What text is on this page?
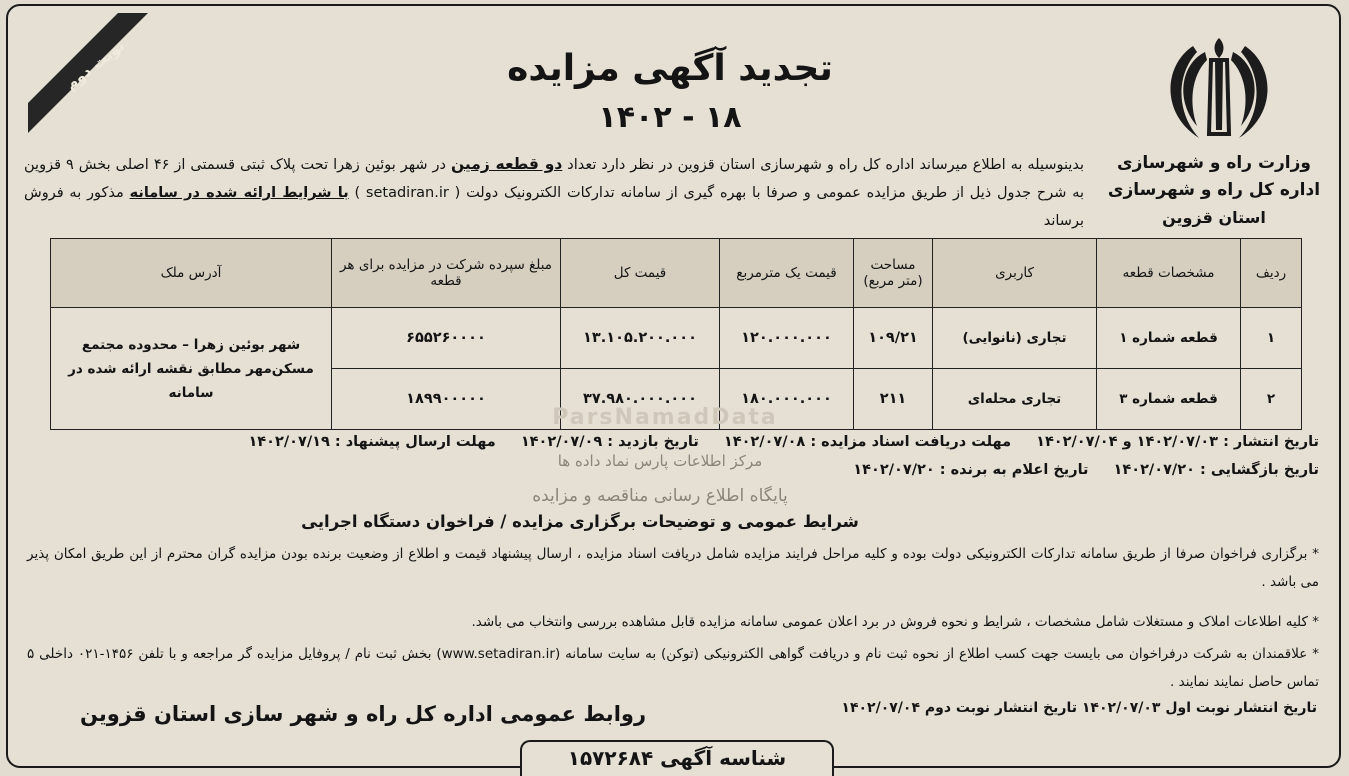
وزارت راه و شهرسازی
اداره کل راه و شهرسازی
استان قزوین
نوبت دوم	تجدید آگهی مزایده
۱۸ - ۱۴۰۲
بدینوسیله به اطلاع میرساند اداره کل راه و شهرسازی استان قزوین در نظر دارد تعداد دو قطعه زمین در شهر بوئین زهرا تحت پلاک ثبتی قسمتی از ۴۶ اصلی بخش ۹ قزوین به شرح جدول ذیل از طریق مزایده عمومی و صرفا با بهره گیری از سامانه تدارکات الکترونیک دولت ( setadiran.ir ) با شرایط ارائه شده در سامانه مذکور به فروش برساند
ردیف	مشخصات قطعه	کاربری	مساحت (متر مربع)	قیمت یک مترمربع	قیمت کل	مبلغ سپرده شرکت در مزایده برای هر قطعه	آدرس ملک
۱	قطعه شماره ۱	تجاری (نانوایی)	۱۰۹/۲۱	۱۲۰.۰۰۰.۰۰۰	۱۳.۱۰۵.۲۰۰.۰۰۰	۶۵۵۲۶۰۰۰۰	شهر بوئین زهرا – محدوده مجتمع مسکن‌مهر مطابق نقشه ارائه شده در سامانه
۲	قطعه شماره ۳	تجاری محله‌ای	۲۱۱	۱۸۰.۰۰۰.۰۰۰	۳۷.۹۸۰.۰۰۰.۰۰۰	۱۸۹۹۰۰۰۰۰	
ParsNamadData
تاریخ انتشار : ۱۴۰۲/۰۷/۰۳ و ۱۴۰۲/۰۷/۰۴ مهلت دریافت اسناد مزایده : ۱۴۰۲/۰۷/۰۸ تاریخ بازدید : ۱۴۰۲/۰۷/۰۹ مهلت ارسال پیشنهاد : ۱۴۰۲/۰۷/۱۹
تاریخ بازگشایی : ۱۴۰۲/۰۷/۲۰ تاریخ اعلام به برنده : ۱۴۰۲/۰۷/۲۰
مرکز اطلاعات پارس نماد داده ها
پایگاه اطلاع رسانی مناقصه و مزایده
شرایط عمومی و توضیحات برگزاری مزایده / فراخوان دستگاه اجرایی
* برگزاری فراخوان صرفا از طریق سامانه تدارکات الکترونیکی دولت بوده و کلیه مراحل فرایند مزایده شامل دریافت اسناد مزایده ، ارسال پیشنهاد قیمت و اطلاع از وضعیت برنده بودن مزایده گران محترم از این طریق امکان پذیر می باشد .
* کلیه اطلاعات املاک و مستغلات شامل مشخصات ، شرایط و نحوه فروش در برد اعلان عمومی سامانه مزایده قابل مشاهده بررسی وانتخاب می باشد.
* علاقمندان به شرکت درفراخوان می بایست جهت کسب اطلاع از نحوه ثبت نام و دریافت گواهی الکترونیکی (توکن) به سایت سامانه (www.setadiran.ir) بخش ثبت نام / پروفایل مزایده گر مراجعه و با تلفن ۱۴۵۶-۰۲۱ داخلی ۵ تماس حاصل نمایند نمایند .
تاریخ انتشار نوبت اول ۱۴۰۲/۰۷/۰۳ تاریخ انتشار نوبت دوم ۱۴۰۲/۰۷/۰۴
روابط عمومی اداره کل راه و شهر سازی استان قزوین
شناسه آگهی ۱۵۷۲۶۸۴
